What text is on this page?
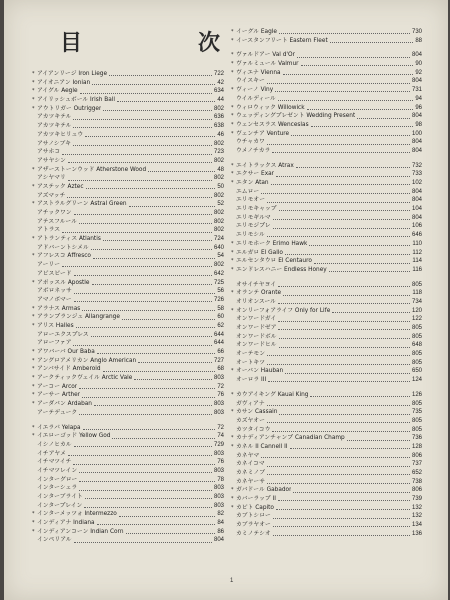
目	次
* アイアンリージ Iron Liege	722
* アイオニアン Ionian	42
* アイグル Aegle	634
* アイリッシュボール Irish Ball	44
* アウトリガー Outrigger	802
アカツキテル	636
アカツキテル	638
アカツキヒリュウ	46
アサノシブキ	802
アサホコ	723
アサヤシン	802
* アザーストーンウッド Atherstone Wood	48
アシヤマリ	802
* アステック Aztec	50
アズマッチ	802
* アストラルグリーン Astral Green	52
アチックワン	802
アテスフルール	802
アトラス	802
* アトランティス Atlantis	724
アドバーントシメル	640
* アフレスコ Affresco	54
アーリー	802
アビスピード	642
* アポッスル Apostle	725
アボロネッサ	56
アマノボマー	726
* アラナス Armas	58
* アランプランジュ Allangrange	60
* アリス Halles	62
アローエクスプレス	644
アローファア	644
* アワバーバ Our Baba	66
* アングロアメリカン Anglo American	727
* アンバサイド Amberoid	68
* アークティックヴェイル Arctic Vale	803
* アーコー Arcor	72
* アーサー Arther	76
* アーダバン Ardaban	803
アーテデューク	803
* イエラパ Yelapa	72
* イエローゴッド Yellow God	74
イシノヒカル	729
イチアヤメ	803
イチマツイチ	76
イチマツレイン	803
インターグロー	78
インターシェラ	803
インターブライト	803
インタープレイン	803
* インターメッツォ Intermezzo	82
* インディアナ Indiana	84
* インディアンコーン Indian Corn	86
インペリアル	804
* イーグル Eagle	730
* イースタンフリート Eastern Fleet	88
* ヴァルドアー Val d'Or	804
* ヴァルミュール Valmur	90
* ヴィエナ Vienna	92
ウイスキー	804
* ヴィーノ Viny	731
ウイルディール	94
* ウィロウィック Willowick	96
* ウェッディングプレゼント Wedding Present	804
* ウェンセスラス Wenceslas	98
* ヴェンチア Venture	100
ウチャカワ	804
ウメノチカラ	804
* エイトラックス Atrax	732
* エクサー Exar	733
* エタン Atan	102
エムロー	804
エリモオー	804
エリモキャップ	104
エリモギルマ	804
エリモジプレ	106
エリモシル	646
* エリモホーク Erimo Hawk	110
* エルガロ El Gallo	112
* エルセンタウロ El Centauro	114
* エンドレスハニー Endless Honey	116
オサイチヤヨイ	805
* オランテ Orante	118
オリオンスール	734
* オンリーフォアライフ Only for Life	120
オンワードガイ	122
オンワードゼア	805
オンワードボル	805
オンワードヒル	648
オーテモン	805
オートキツ	805
* オーバン Hauban	650
オーロラ III	124
* カウアイキング Kauai King	126
ガヴィアナ	805
* カサン Cassain	735
カズヤオー	805
カツタイコウ	805
* カナディアンチャンプ Canadian Champ	736
* カネル II Cannell II	128
カネヤマ	806
カネイコマ	737
カネミノブ	652
カネヤーサ	738
* ガバドール Gabador	806
* カバーラップ II	739
* カピト Capito	132
カブトシロー	132
カブラヤオー	134
カミノテシオ	136
1
